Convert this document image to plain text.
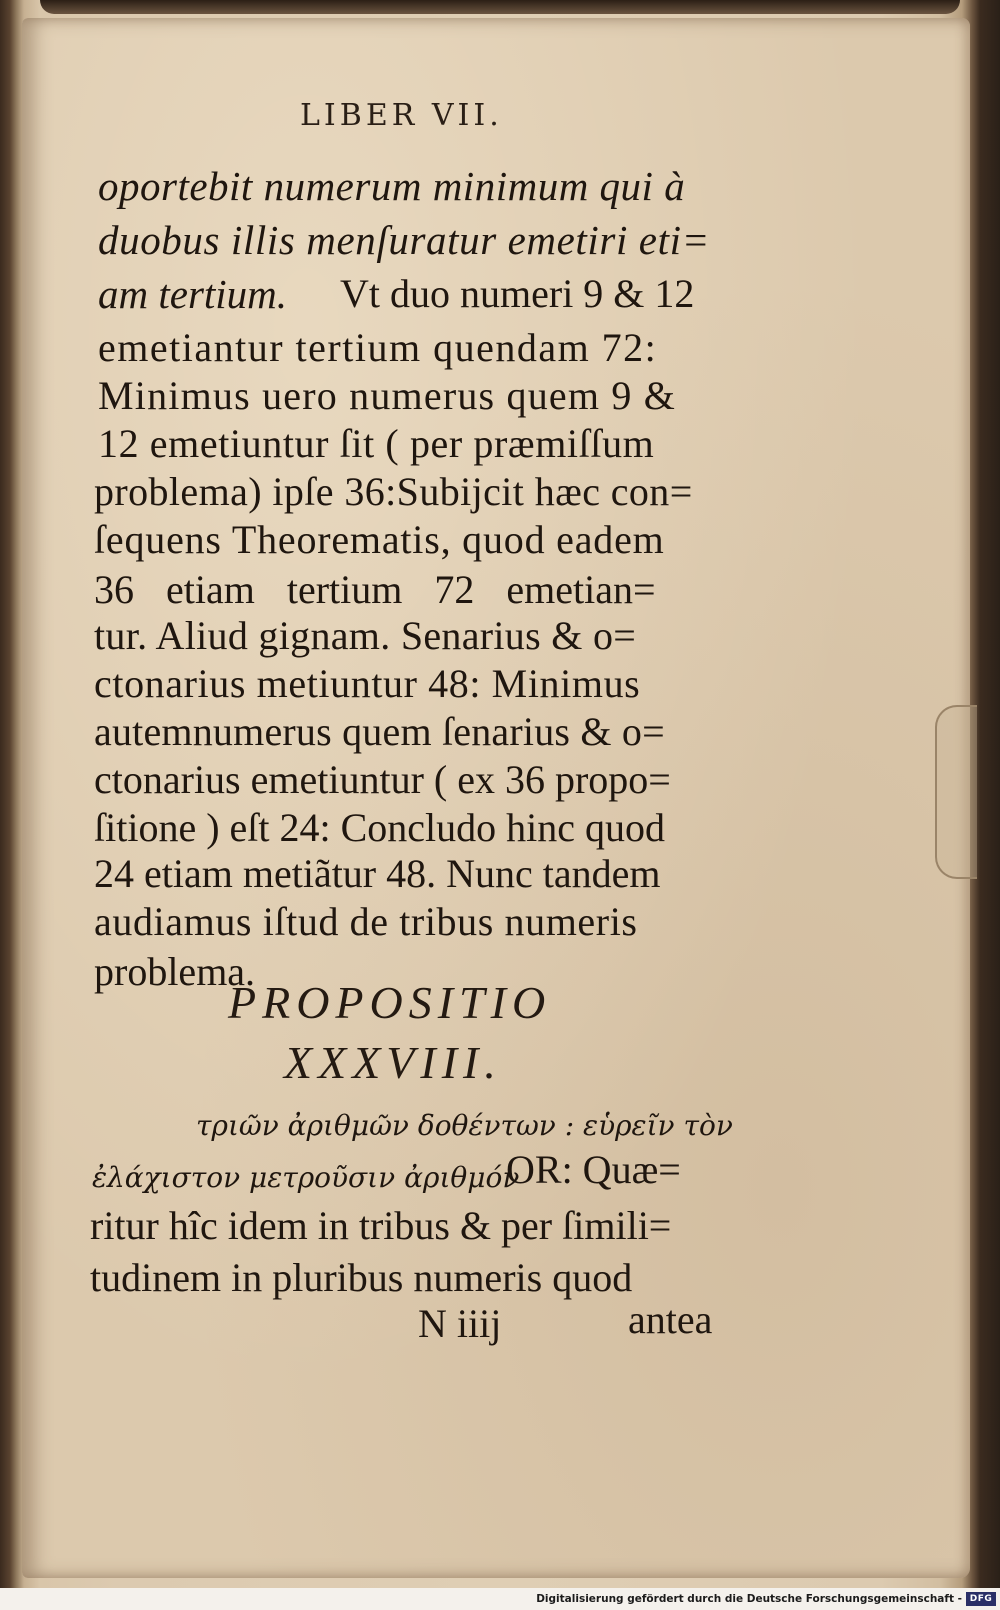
LIBER VII.
oportebit numerum minimum qui à
duobus illis menſuratur emetiri eti=
am tertium. Vt duo numeri 9 & 12
emetiantur tertium quendam 72:
Minimus uero numerus quem 9 &
12 emetiuntur ſit ( per præmiſſum
problema) ipſe 36:Subijcit hæc con=
ſequens Theorematis, quod eadem
36 etiam tertium 72 emetian=
tur. Aliud gignam. Senarius & o=
ctonarius metiuntur 48: Minimus
autemnumerus quem ſenarius & o=
ctonarius emetiuntur ( ex 36 propo=
ſitione ) eſt 24: Concludo hinc quod
24 etiam metiãtur 48. Nunc tandem
audiamus iſtud de tribus numeris
problema.
PROPOSITIO
XXXVIII.
τριῶν ἀριθμῶν δοθέντων : εὑρεῖν τὸν
ἐλάχιστον μετροῦσιν ἀριθμόν
OR: Quæ=
ritur hîc idem in tribus & per ſimili=
tudinem in pluribus numeris quod
N iiij	antea
Digitalisierung gefördert durch die Deutsche Forschungsgemeinschaft - DFG
